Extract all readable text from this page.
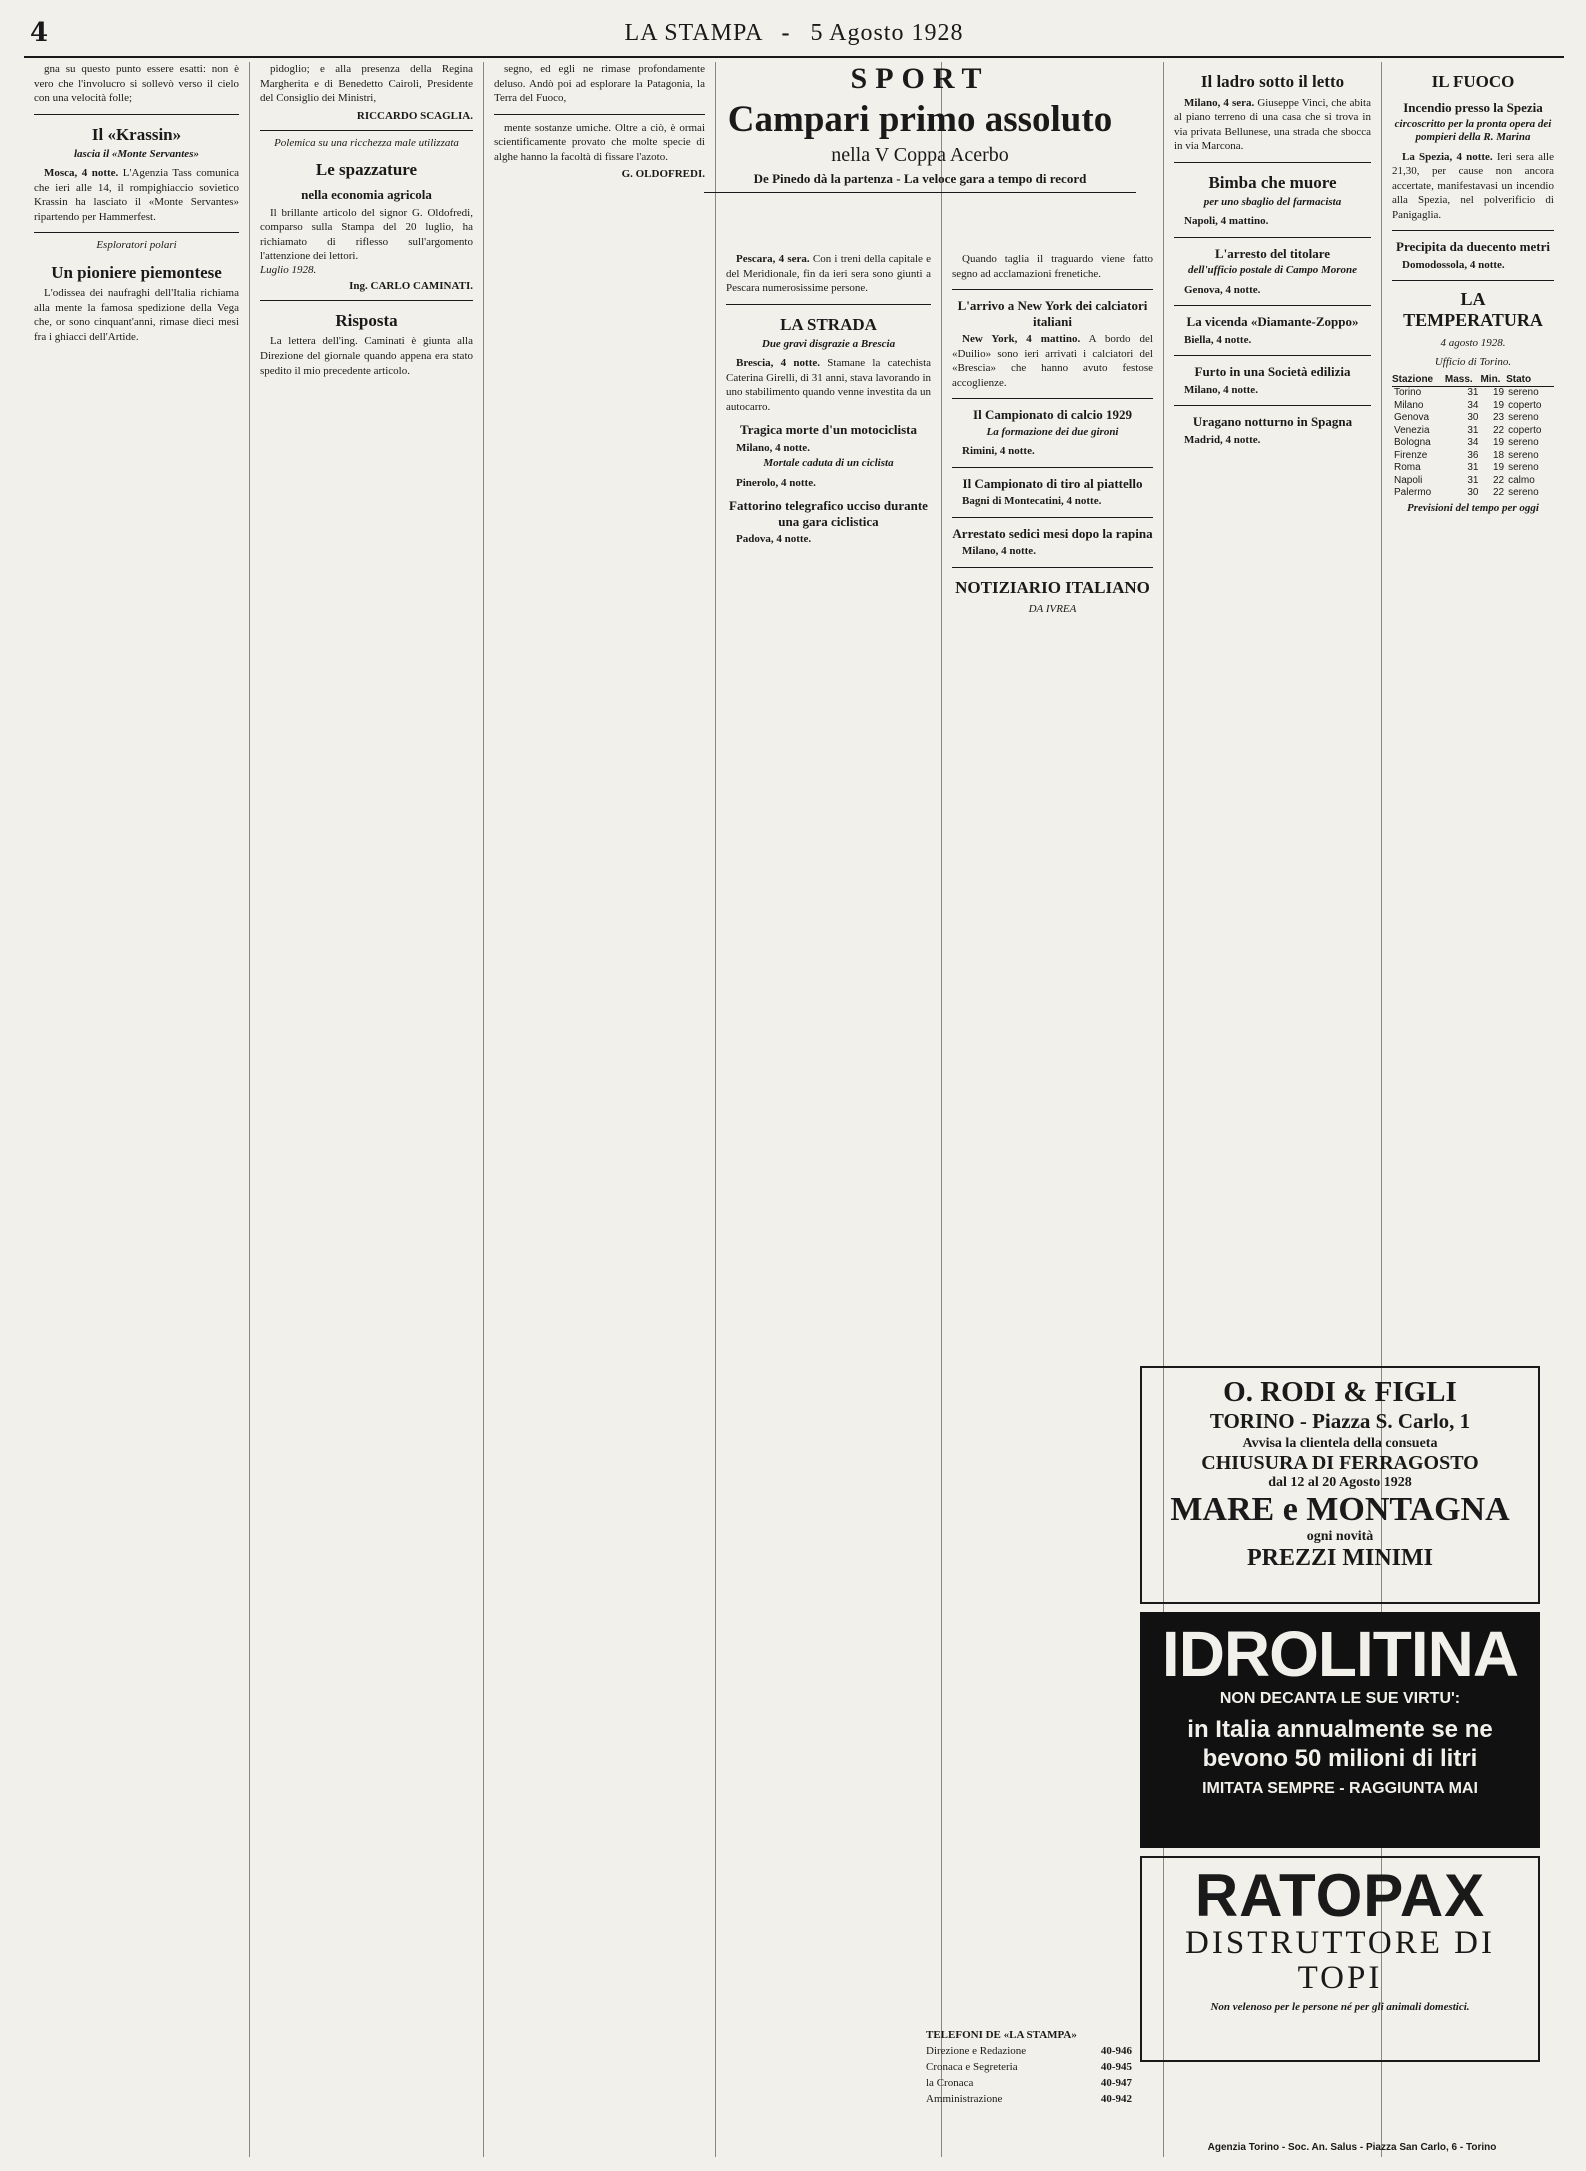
4	LA STAMPA  -  5 Agosto 1928

gna su questo punto essere esatti: non è vero che l'involucro si sollevò verso il cielo con una velocità folle;

Il «Krassin»
lascia il «Monte Servantes»

Mosca, 4 notte. L'Agenzia Tass comunica che ieri alle 14, il rompighiaccio sovietico Krassin ha lasciato il «Monte Servantes» ripartendo per Hammerfest.

Esploratori polari
Un pioniere piemontese

L'odissea dei naufraghi dell'Italia richiama alla mente la famosa spedizione della Vega che, or sono cinquant'anni, rimase dieci mesi fra i ghiacci dell'Artide.

pidoglio; e alla presenza della Regina Margherita e di Benedetto Cairoli, Presidente del Consiglio dei Ministri,

RICCARDO SCAGLIA.
Polemica su una ricchezza male utilizzata
Le spazzature
nella economia agricola

Il brillante articolo del signor G. Oldofredi, comparso sulla Stampa del 20 luglio, ha richiamato di riflesso sull'argomento l'attenzione dei lettori.

Luglio 1928.
Ing. CARLO CAMINATI.
Risposta

La lettera dell'ing. Caminati è giunta alla Direzione del giornale quando appena era stato spedito il mio precedente articolo.

segno, ed egli ne rimase profondamente deluso. Andò poi ad esplorare la Patagonia, la Terra del Fuoco,

mente sostanze umiche. Oltre a ciò, è ormai scientificamente provato che molte specie di alghe hanno la facoltà di fissare l'azoto.

G. OLDOFREDI.

Pescara, 4 sera. Con i treni della capitale e del Meridionale, fin da ieri sera sono giunti a Pescara numerosissime persone.

LA STRADA
Due gravi disgrazie a Brescia

Brescia, 4 notte. Stamane la catechista Caterina Girelli, di 31 anni, stava lavorando in uno stabilimento quando venne investita da un autocarro.

Tragica morte d'un motociclista

Milano, 4 notte.

Mortale caduta di un ciclista

Pinerolo, 4 notte.

Fattorino telegrafico ucciso durante una gara ciclistica

Padova, 4 notte.

Quando taglia il traguardo viene fatto segno ad acclamazioni frenetiche.

L'arrivo a New York dei calciatori italiani

New York, 4 mattino. A bordo del «Duilio» sono ieri arrivati i calciatori del «Brescia» che hanno avuto festose accoglienze.

Il Campionato di calcio 1929
La formazione dei due gironi

Rimini, 4 notte.

Il Campionato di tiro al piattello

Bagni di Montecatini, 4 notte.

Arrestato sedici mesi dopo la rapina

Milano, 4 notte.

NOTIZIARIO ITALIANO
DA IVREA
Il ladro sotto il letto

Milano, 4 sera. Giuseppe Vinci, che abita al piano terreno di una casa che si trova in via privata Bellunese, una strada che sbocca in via Marcona.

Bimba che muore
per uno sbaglio del farmacista

Napoli, 4 mattino.

L'arresto del titolare
dell'ufficio postale di Campo Morone

Genova, 4 notte.

La vicenda «Diamante-Zoppo»

Biella, 4 notte.

Furto in una Società edilizia

Milano, 4 notte.

Uragano notturno in Spagna

Madrid, 4 notte.

IL FUOCO
Incendio presso la Spezia
circoscritto per la pronta opera dei pompieri della R. Marina

La Spezia, 4 notte. Ieri sera alle 21,30, per cause non ancora accertate, manifestavasi un incendio alla Spezia, nel polverificio di Panigaglia.

Precipita da duecento metri

Domodossola, 4 notte.

LA TEMPERATURA
4 agosto 1928.
Ufficio di Torino.
Stazione	Mass.	Min.	Stato
Torino	31	19	sereno
Milano	34	19	coperto
Genova	30	23	sereno
Venezia	31	22	coperto
Bologna	34	19	sereno
Firenze	36	18	sereno
Roma	31	19	sereno
Napoli	31	22	calmo
Palermo	30	22	sereno
Previsioni del tempo per oggi
SPORT
Campari primo assoluto
nella V Coppa Acerbo
De Pinedo dà la partenza - La veloce gara a tempo di record
TELEFONI DE «LA STAMPA»
Direzione e Redazione	40-946
Cronaca e Segreteria	40-945
la Cronaca	40-947
Amministrazione	40-942
O. RODI & FIGLI
TORINO - Piazza S. Carlo, 1
Avvisa la clientela della consueta
CHIUSURA DI FERRAGOSTO
dal 12 al 20 Agosto 1928
MARE e MONTAGNA
ogni novità
PREZZI MINIMI
IDROLITINA
NON DECANTA LE SUE VIRTU':
in Italia annualmente se ne bevono 50 milioni di litri
IMITATA SEMPRE - RAGGIUNTA MAI
RATOPAX
DISTRUTTORE DI TOPI
Non velenoso per le persone né per gli animali domestici.
Agenzia Torino - Soc. An. Salus - Piazza San Carlo, 6 - Torino
